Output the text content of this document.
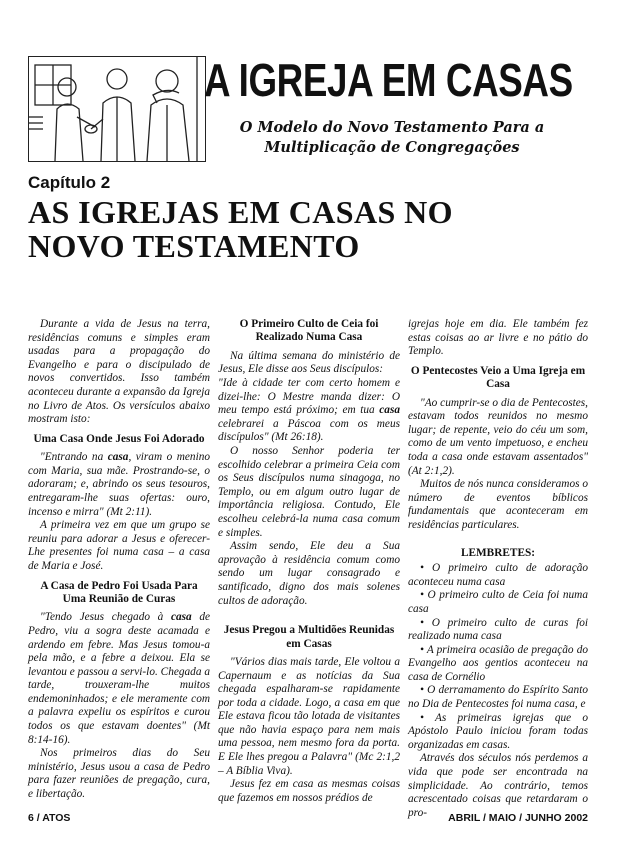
A IGREJA EM CASAS
O Modelo do Novo Testamento Para a
Multiplicação de Congregações
Capítulo 2
AS IGREJAS EM CASAS NO
NOVO TESTAMENTO

Durante a vida de Jesus na terra, residências comuns e simples eram usadas para a propagação do Evangelho e para o discipulado de novos convertidos. Isso também aconteceu durante a expansão da Igreja no Livro de Atos. Os versículos abaixo mostram isto:

Uma Casa Onde Jesus Foi Adorado

"Entrando na casa, viram o menino com Maria, sua mãe. Prostrando-se, o adoraram; e, abrindo os seus tesouros, entregaram-lhe suas ofertas: ouro, incenso e mirra" (Mt 2:11).

A primeira vez em que um grupo se reuniu para adorar a Jesus e oferecer-Lhe presentes foi numa casa – a casa de Maria e José.

A Casa de Pedro Foi Usada Para Uma Reunião de Curas

"Tendo Jesus chegado à casa de Pedro, viu a sogra deste acamada e ardendo em febre. Mas Jesus tomou-a pela mão, e a febre a deixou. Ela se levantou e passou a servi-lo. Chegada a tarde, trouxeram-lhe muitos endemoninhados; e ele meramente com a palavra expeliu os espíritos e curou todos os que estavam doentes" (Mt 8:14-16).

Nos primeiros dias do Seu ministério, Jesus usou a casa de Pedro para fazer reuniões de pregação, cura, e libertação.

O Primeiro Culto de Ceia foi Realizado Numa Casa

Na última semana do ministério de Jesus, Ele disse aos Seus discípulos:

"Ide à cidade ter com certo homem e dizei-lhe: O Mestre manda dizer: O meu tempo está próximo; em tua casa celebrarei a Páscoa com os meus discípulos" (Mt 26:18).

O nosso Senhor poderia ter escolhido celebrar a primeira Ceia com os Seus discípulos numa sinagoga, no Templo, ou em algum outro lugar de importância religiosa. Contudo, Ele escolheu celebrá-la numa casa comum e simples.

Assim sendo, Ele deu a Sua aprovação à residência comum como sendo um lugar consagrado e santificado, digno dos mais solenes cultos de adoração.

Jesus Pregou a Multidões Reunidas em Casas

"Vários dias mais tarde, Ele voltou a Capernaum e as notícias da Sua chegada espalharam-se rapidamente por toda a cidade. Logo, a casa em que Ele estava ficou tão lotada de visitantes que não havia espaço para nem mais uma pessoa, nem mesmo fora da porta. E Ele lhes pregou a Palavra" (Mc 2:1,2 – A Bíblia Viva).

Jesus fez em casa as mesmas coisas que fazemos em nossos prédios de

igrejas hoje em dia. Ele também fez estas coisas ao ar livre e no pátio do Templo.

O Pentecostes Veio a Uma Igreja em Casa

"Ao cumprir-se o dia de Pentecostes, estavam todos reunidos no mesmo lugar; de repente, veio do céu um som, como de um vento impetuoso, e encheu toda a casa onde estavam assentados" (At 2:1,2).

Muitos de nós nunca consideramos o número de eventos bíblicos fundamentais que aconteceram em residências particulares.

LEMBRETES:

• O primeiro culto de adoração aconteceu numa casa

• O primeiro culto de Ceia foi numa casa

• O primeiro culto de curas foi realizado numa casa

• A primeira ocasião de pregação do Evangelho aos gentios aconteceu na casa de Cornélio

• O derramamento do Espírito Santo no Dia de Pentecostes foi numa casa, e

• As primeiras igrejas que o Apóstolo Paulo iniciou foram todas organizadas em casas.

Através dos séculos nós perdemos a vida que pode ser encontrada na simplicidade. Ao contrário, temos acrescentado coisas que retardaram o pro-

6 / ATOS	ABRIL / MAIO / JUNHO 2002
